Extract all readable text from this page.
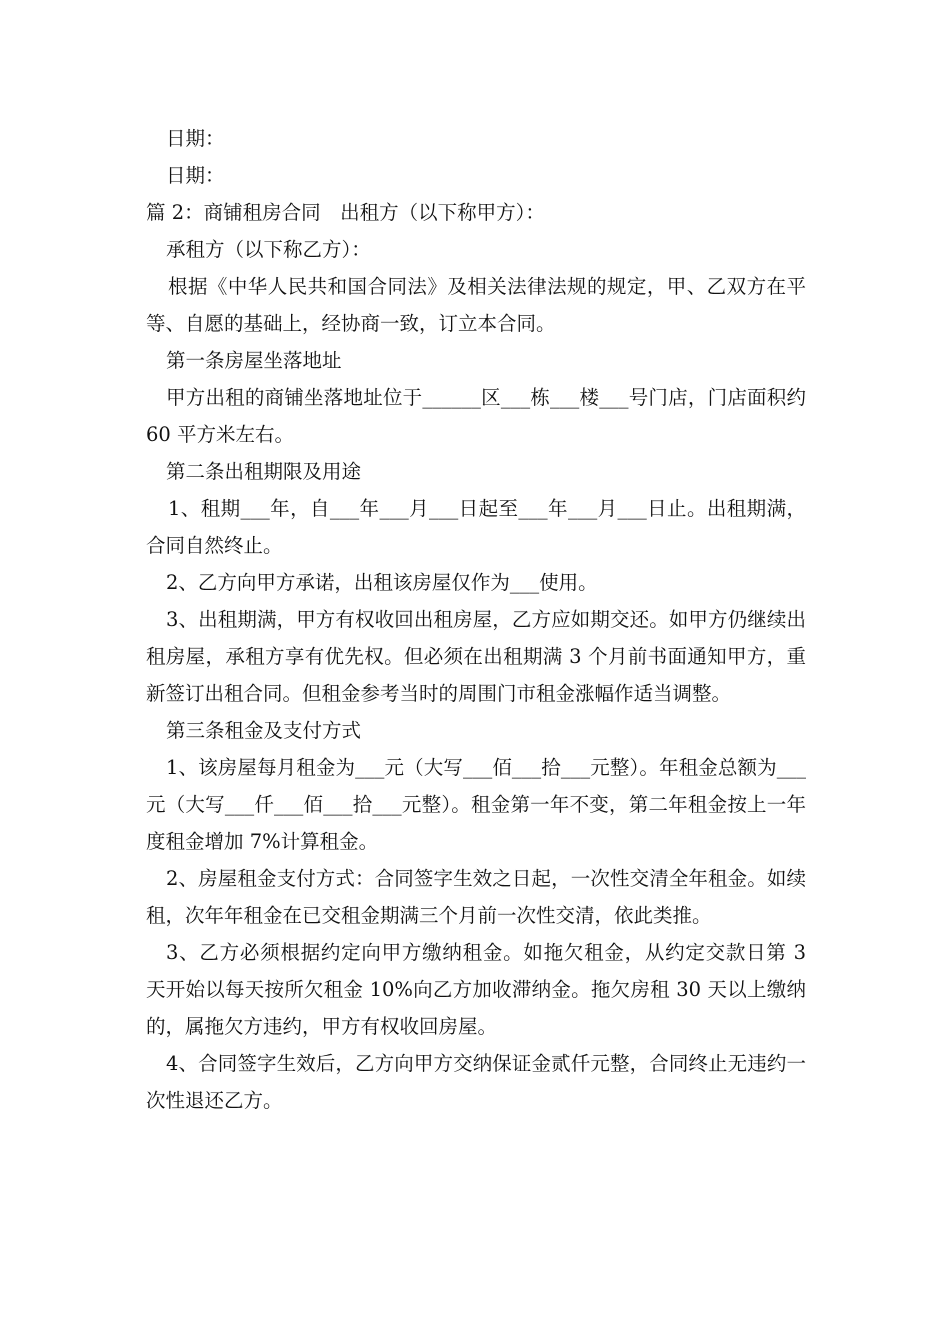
日期：

日期：

篇 2：商铺租房合同　出租方（以下称甲方）：

承租方（以下称乙方）：

根据《中华人民共和国合同法》及相关法律法规的规定，甲、乙双方在平等、自愿的基础上，经协商一致，订立本合同。

第一条房屋坐落地址

甲方出租的商铺坐落地址位于______区___栋___楼___号门店，门店面积约 60 平方米左右。

第二条出租期限及用途

1、租期___年，自___年___月___日起至___年___月___日止。出租期满，合同自然终止。

2、乙方向甲方承诺，出租该房屋仅作为___使用。

3、出租期满，甲方有权收回出租房屋，乙方应如期交还。如甲方仍继续出租房屋，承租方享有优先权。但必须在出租期满 3 个月前书面通知甲方，重新签订出租合同。但租金参考当时的周围门市租金涨幅作适当调整。

第三条租金及支付方式

1、该房屋每月租金为___元（大写___佰___拾___元整）。年租金总额为___元（大写___仟___佰___拾___元整）。租金第一年不变，第二年租金按上一年度租金增加 7%计算租金。

2、房屋租金支付方式：合同签字生效之日起，一次性交清全年租金。如续租，次年年租金在已交租金期满三个月前一次性交清，依此类推。

3、乙方必须根据约定向甲方缴纳租金。如拖欠租金，从约定交款日第 3 天开始以每天按所欠租金 10%向乙方加收滞纳金。拖欠房租 30 天以上缴纳的，属拖欠方违约，甲方有权收回房屋。

4、合同签字生效后，乙方向甲方交纳保证金贰仟元整，合同终止无违约一次性退还乙方。
